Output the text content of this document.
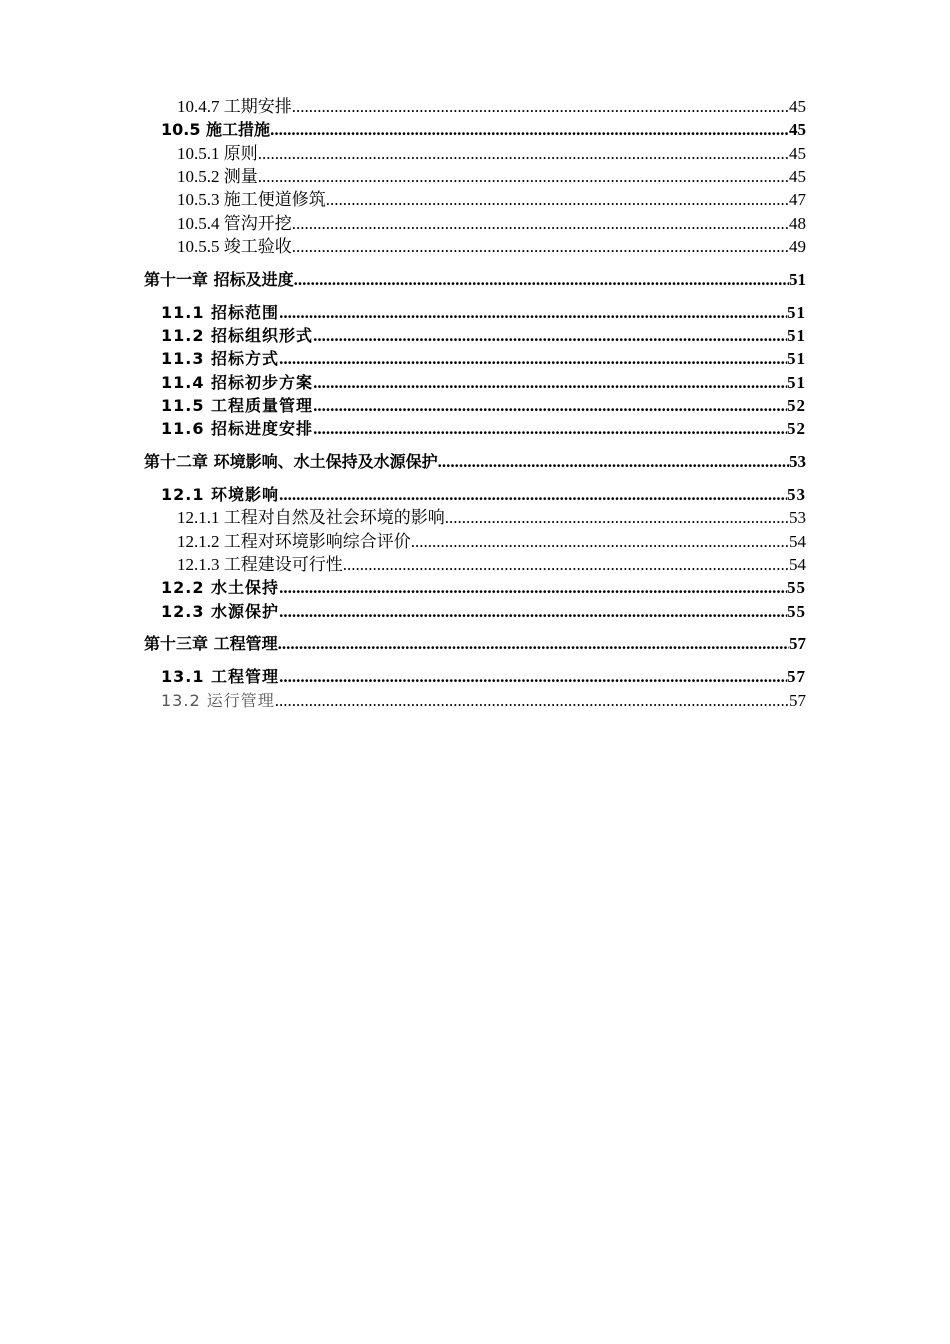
10.4.7 工期安排 .....	45
10.5 施工措施 .....	45
10.5.1 原则 .....	45
10.5.2 测量 .....	45
10.5.3 施工便道修筑 .....	47
10.5.4 管沟开挖 .....	48
10.5.5 竣工验收 .....	49
第十一章 招标及进度 .....	51
11.1 招标范围 .....	51
11.2 招标组织形式 .....	51
11.3 招标方式 .....	51
11.4 招标初步方案 .....	51
11.5 工程质量管理 .....	52
11.6 招标进度安排 .....	52
第十二章 环境影响、水土保持及水源保护 .....	53
12.1 环境影响 .....	53
12.1.1 工程对自然及社会环境的影响 .....	53
12.1.2 工程对环境影响综合评价 .....	54
12.1.3 工程建设可行性 .....	54
12.2 水土保持 .....	55
12.3 水源保护 .....	55
第十三章 工程管理 .....	57
13.1 工程管理 .....	57
13.2 运行管理 .....	57
